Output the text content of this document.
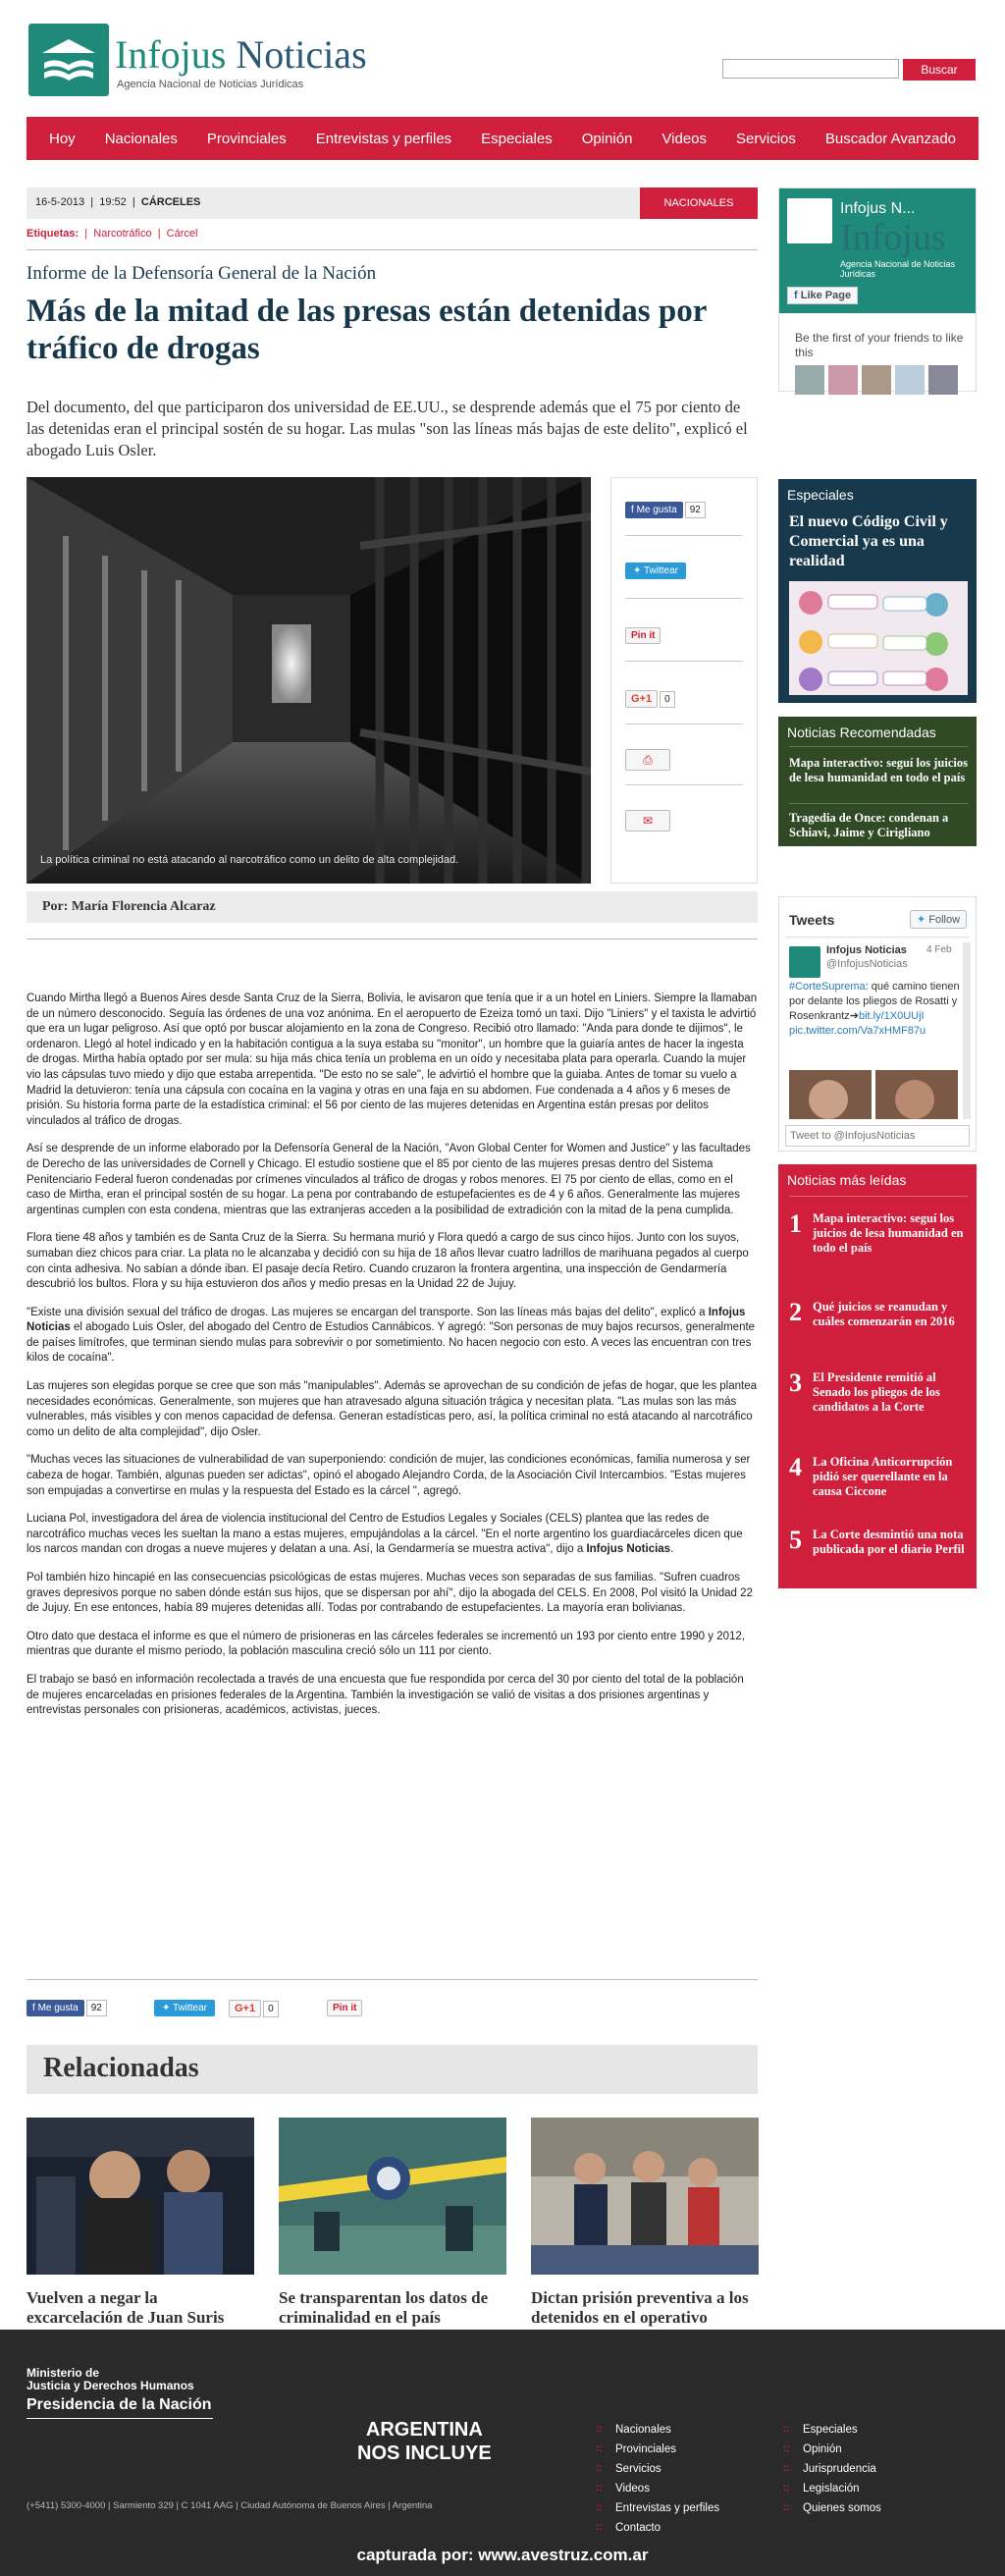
Infojus Noticias
Agencia Nacional de Noticias Jurídicas
Buscar
Hoy	Nacionales	Provinciales	Entrevistas y perfiles	Especiales	Opinión	Videos	Servicios	Buscador Avanzado
16-5-2013  |  19:52  |  CÁRCELES	NACIONALES
Etiquetas:  |  Narcotráfico  |  Cárcel
Informe de la Defensoría General de la Nación
Más de la mitad de las presas están detenidas por tráfico de drogas
Del documento, del que participaron dos universidad de EE.UU., se desprende además que el 75 por ciento de las detenidas eran el principal sostén de su hogar. Las mulas "son las líneas más bajas de este delito", explicó el abogado Luis Osler.
La política criminal no está atacando al narcotráfico como un delito de alta complejidad.
f Me gusta 92
✦ Twittear
Pin it
G+1 0
⎙
✉
Por: María Florencia Alcaraz

Cuando Mirtha llegó a Buenos Aires desde Santa Cruz de la Sierra, Bolivia, le avisaron que tenía que ir a un hotel en Liniers. Siempre la llamaban de un número desconocido. Seguía las órdenes de una voz anónima. En el aeropuerto de Ezeiza tomó un taxi. Dijo "Liniers" y el taxista le advirtió que era un lugar peligroso. Así que optó por buscar alojamiento en la zona de Congreso. Recibió otro llamado: "Anda para donde te dijimos", le ordenaron. Llegó al hotel indicado y en la habitación contigua a la suya estaba su "monitor", un hombre que la guiaría antes de hacer la ingesta de drogas. Mirtha había optado por ser mula: su hija más chica tenía un problema en un oído y necesitaba plata para operarla. Cuando la mujer vio las cápsulas tuvo miedo y dijo que estaba arrepentida. "De esto no se sale", le advirtió el hombre que la guiaba. Antes de tomar su vuelo a Madrid la detuvieron: tenía una cápsula con cocaína en la vagina y otras en una faja en su abdomen. Fue condenada a 4 años y 6 meses de prisión. Su historia forma parte de la estadística criminal: el 56 por ciento de las mujeres detenidas en Argentina están presas por delitos vinculados al tráfico de drogas.

Así se desprende de un informe elaborado por la Defensoría General de la Nación, "Avon Global Center for Women and Justice" y las facultades de Derecho de las universidades de Cornell y Chicago. El estudio sostiene que el 85 por ciento de las mujeres presas dentro del Sistema Penitenciario Federal fueron condenadas por crímenes vinculados al tráfico de drogas y robos menores. El 75 por ciento de ellas, como en el caso de Mirtha, eran el principal sostén de su hogar. La pena por contrabando de estupefacientes es de 4 y 6 años. Generalmente las mujeres argentinas cumplen con esta condena, mientras que las extranjeras acceden a la posibilidad de extradición con la mitad de la pena cumplida.

Flora tiene 48 años y también es de Santa Cruz de la Sierra. Su hermana murió y Flora quedó a cargo de sus cinco hijos. Junto con los suyos, sumaban diez chicos para criar. La plata no le alcanzaba y decidió con su hija de 18 años llevar cuatro ladrillos de marihuana pegados al cuerpo con cinta adhesiva. No sabían a dónde iban. El pasaje decía Retiro. Cuando cruzaron la frontera argentina, una inspección de Gendarmería descubrió los bultos. Flora y su hija estuvieron dos años y medio presas en la Unidad 22 de Jujuy.

"Existe una división sexual del tráfico de drogas. Las mujeres se encargan del transporte. Son las líneas más bajas del delito", explicó a Infojus Noticias el abogado Luis Osler, del abogado del Centro de Estudios Cannábicos. Y agregó: "Son personas de muy bajos recursos, generalmente de países limítrofes, que terminan siendo mulas para sobrevivir o por sometimiento. No hacen negocio con esto. A veces las encuentran con tres kilos de cocaína".

Las mujeres son elegidas porque se cree que son más "manipulables". Además se aprovechan de su condición de jefas de hogar, que les plantea necesidades económicas. Generalmente, son mujeres que han atravesado alguna situación trágica y necesitan plata. "Las mulas son las más vulnerables, más visibles y con menos capacidad de defensa. Generan estadísticas pero, así, la política criminal no está atacando al narcotráfico como un delito de alta complejidad", dijo Osler.

"Muchas veces las situaciones de vulnerabilidad de van superponiendo: condición de mujer, las condiciones económicas, familia numerosa y ser cabeza de hogar. También, algunas pueden ser adictas", opinó el abogado Alejandro Corda, de la Asociación Civil Intercambios. "Estas mujeres son empujadas a convertirse en mulas y la respuesta del Estado es la cárcel ", agregó.

Luciana Pol, investigadora del área de violencia institucional del Centro de Estudios Legales y Sociales (CELS) plantea que las redes de narcotráfico muchas veces les sueltan la mano a estas mujeres, empujándolas a la cárcel. "En el norte argentino los guardiacárceles dicen que los narcos mandan con drogas a nueve mujeres y delatan a una. Así, la Gendarmería se muestra activa", dijo a Infojus Noticias.

Pol también hizo hincapié en las consecuencias psicológicas de estas mujeres. Muchas veces son separadas de sus familias. "Sufren cuadros graves depresivos porque no saben dónde están sus hijos, que se dispersan por ahí", dijo la abogada del CELS. En 2008, Pol visitó la Unidad 22 de Jujuy. En ese entonces, había 89 mujeres detenidas allí. Todas por contrabando de estupefacientes. La mayoría eran bolivianas.

Otro dato que destaca el informe es que el número de prisioneras en las cárceles federales se incrementó un 193 por ciento entre 1990 y 2012, mientras que durante el mismo periodo, la población masculina creció sólo un 111 por ciento.

El trabajo se basó en información recolectada a través de una encuesta que fue respondida por cerca del 30 por ciento del total de la población de mujeres encarceladas en prisiones federales de la Argentina. También la investigación se valió de visitas a dos prisiones argentinas y entrevistas personales con prisioneras, académicos, activistas, jueces.

f Me gusta 92	✦ Twittear	G+1 0	Pin it
Relacionadas
Vuelven a negar la excarcelación de Juan Suris
Se transparentan los datos de criminalidad en el país
Dictan prisión preventiva a los detenidos en el operativo
Infojus N...
Infojus
Agencia Nacional de Noticias Jurídicas
f Like Page
Be the first of your friends to like this
Especiales
El nuevo Código Civil y Comercial ya es una realidad
Noticias Recomendadas
Mapa interactivo: seguí los juicios de lesa humanidad en todo el país
Tragedia de Once: condenan a Schiavi, Jaime y Cirigliano
Tweets	✦ Follow
Infojus Noticias
@InfojusNoticias
4 Feb
#CorteSuprema: qué camino tienen por delante los pliegos de Rosatti y Rosenkrantz➔bit.ly/1X0UUjI
pic.twitter.com/Va7xHMF87u
Tweet to @InfojusNoticias
Noticias más leídas
1 Mapa interactivo: seguí los juicios de lesa humanidad en todo el país
2 Qué juicios se reanudan y cuáles comenzarán en 2016
3 El Presidente remitió al Senado los pliegos de los candidatos a la Corte
4 La Oficina Anticorrupción pidió ser querellante en la causa Ciccone
5 La Corte desmintió una nota publicada por el diario Perfil
Ministerio de
Justicia y Derechos Humanos
Presidencia de la Nación
(+5411) 5300-4000 | Sarmiento 329 | C 1041 AAG | Ciudad Autónoma de Buenos Aires | Argentina
ARGENTINA
NOS INCLUYE
:: Nacionales
:: Provinciales
:: Servicios
:: Videos
:: Entrevistas y perfiles
:: Contacto
:: Especiales
:: Opinión
:: Jurisprudencia
:: Legislación
:: Quienes somos
capturada por: www.avestruz.com.ar
